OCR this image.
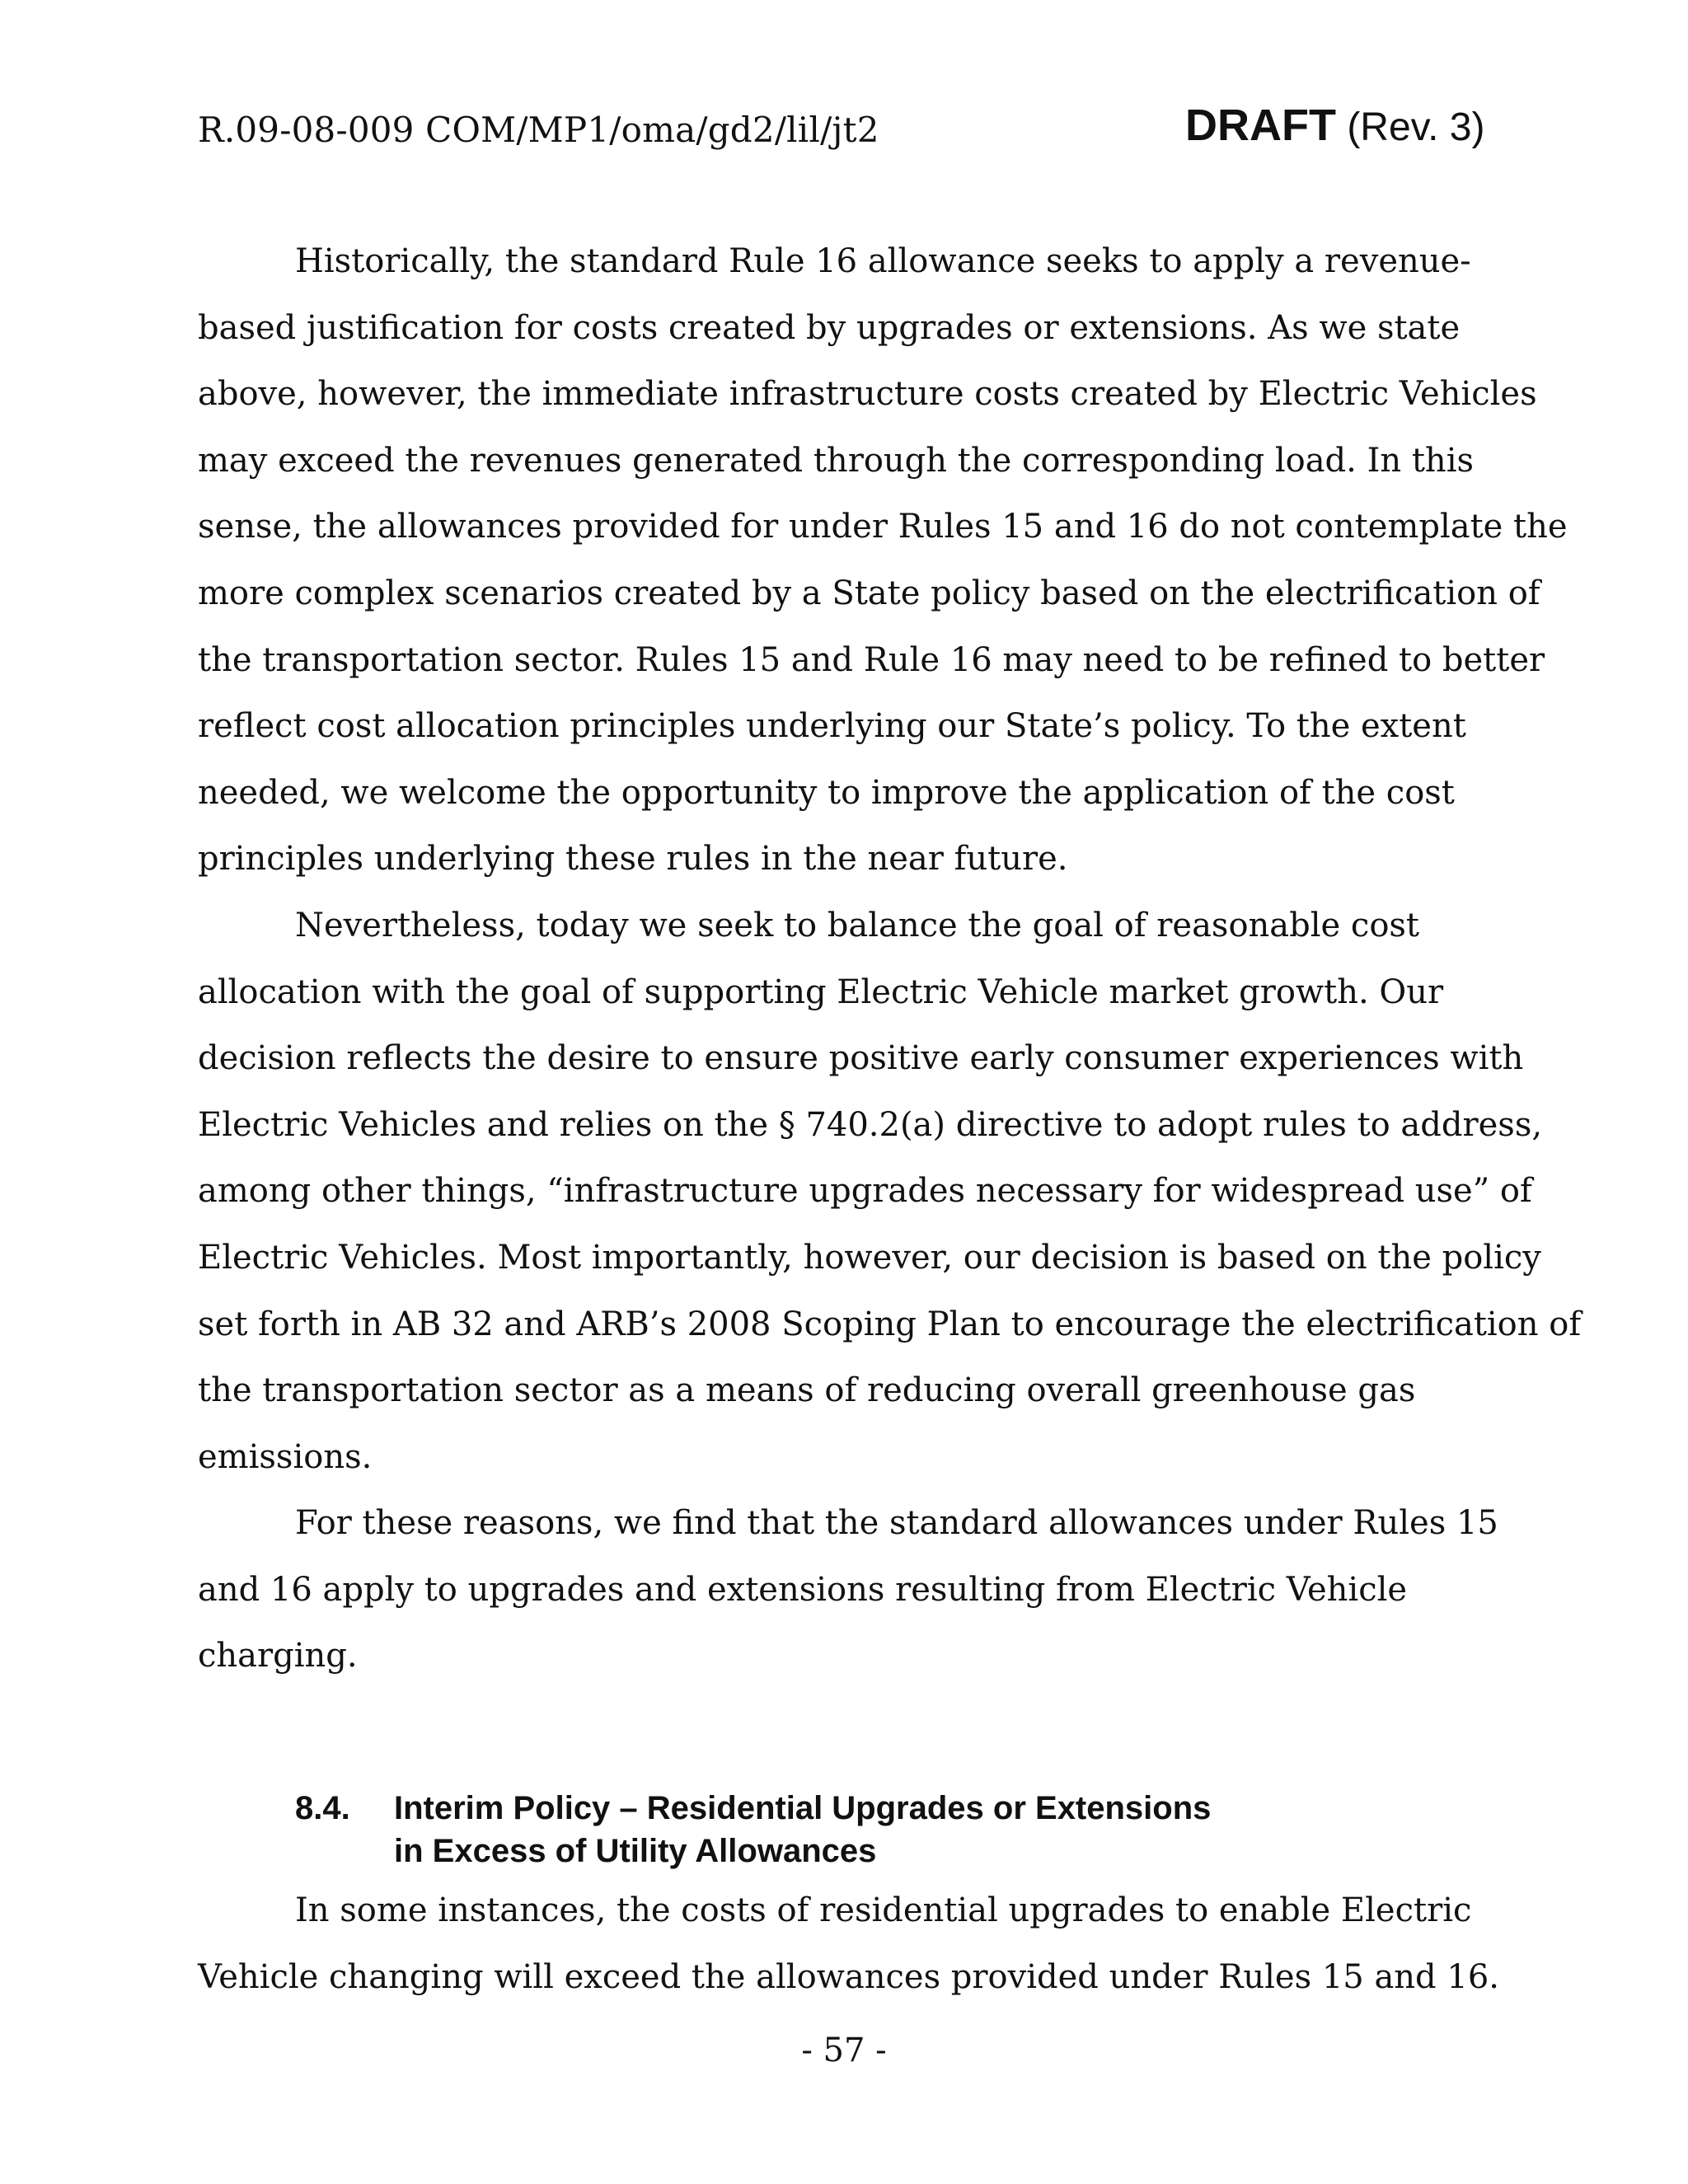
R.09-08-009 COM/MP1/oma/gd2/lil/jt2	DRAFT (Rev. 3)

Historically, the standard Rule 16 allowance seeks to apply a revenue-
based justification for costs created by upgrades or extensions. As we state
above, however, the immediate infrastructure costs created by Electric Vehicles
may exceed the revenues generated through the corresponding load. In this
sense, the allowances provided for under Rules 15 and 16 do not contemplate the
more complex scenarios created by a State policy based on the electrification of
the transportation sector. Rules 15 and Rule 16 may need to be refined to better
reflect cost allocation principles underlying our State’s policy. To the extent
needed, we welcome the opportunity to improve the application of the cost
principles underlying these rules in the near future.

Nevertheless, today we seek to balance the goal of reasonable cost
allocation with the goal of supporting Electric Vehicle market growth. Our
decision reflects the desire to ensure positive early consumer experiences with
Electric Vehicles and relies on the § 740.2(a) directive to adopt rules to address,
among other things, “infrastructure upgrades necessary for widespread use” of
Electric Vehicles. Most importantly, however, our decision is based on the policy
set forth in AB 32 and ARB’s 2008 Scoping Plan to encourage the electrification of
the transportation sector as a means of reducing overall greenhouse gas
emissions.

For these reasons, we find that the standard allowances under Rules 15
and 16 apply to upgrades and extensions resulting from Electric Vehicle
charging.

8.4. Interim Policy – Residential Upgrades or Extensions
in Excess of Utility Allowances

In some instances, the costs of residential upgrades to enable Electric
Vehicle changing will exceed the allowances provided under Rules 15 and 16.

- 57 -
